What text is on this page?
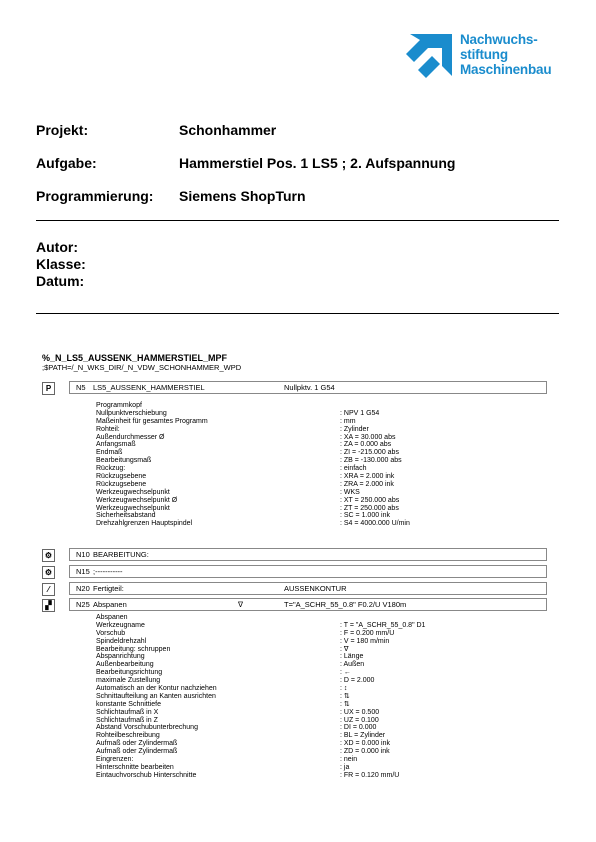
Nachwuchs-
stiftung
Maschinenbau
Projekt:	Schonhammer
Aufgabe:	Hammerstiel Pos. 1 LS5 ; 2. Aufspannung
Programmierung: Siemens ShopTurn
Autor:
Klasse:
Datum:
%_N_LS5_AUSSENK_HAMMERSTIEL_MPF
;$PATH=/_N_WKS_DIR/_N_VDW_SCHONHAMMER_WPD
P	N5 LS5_AUSSENK_HAMMERSTIEL	Nullpktv. 1 G54
Programmkopf
Nullpunktverschiebung	: NPV 1 G54
Maßeinheit für gesamtes Programm	: mm
Rohteil:	: Zylinder
Außendurchmesser Ø	: XA = 30.000 abs
Anfangsmaß	: ZA = 0.000 abs
Endmaß	: ZI = -215.000 abs
Bearbeitungsmaß	: ZB = -130.000 abs
Rückzug:	: einfach
Rückzugsebene	: XRA = 2.000 ink
Rückzugsebene	: ZRA = 2.000 ink
Werkzeugwechselpunkt	: WKS
Werkzeugwechselpunkt Ø	: XT = 250.000 abs
Werkzeugwechselpunkt	: ZT = 250.000 abs
Sicherheitsabstand	: SC = 1.000 ink
Drehzahlgrenzen Hauptspindel	: S4 = 4000.000 U/min
⚙	N10 BEARBEITUNG:
⚙	N15 ;-----------
⁄	N20 Fertigteil:	AUSSENKONTUR
▞	N25 Abspanen	∇	T="A_SCHR_55_0.8" F0.2/U V180m
Abspanen
Werkzeugname	: T = "A_SCHR_55_0.8" D1
Vorschub	: F = 0.200 mm/U
Spindeldrehzahl	: V = 180 m/min
Bearbeitung: schruppen	: ∇
Abspanrichtung	: Länge
Außenbearbeitung	: Außen
Bearbeitungsrichtung	: ←
maximale Zustellung	: D = 2.000
Automatisch an der Kontur nachziehen	: ↕
Schnittaufteilung an Kanten ausrichten	: ⇅
konstante Schnittiefe	: ⇅
Schlichtaufmaß in X	: UX = 0.500
Schlichtaufmaß in Z	: UZ = 0.100
Abstand Vorschubunterbrechung	: DI = 0.000
Rohteilbeschreibung	: BL = Zylinder
Aufmaß oder Zylindermaß	: XD = 0.000 ink
Aufmaß oder Zylindermaß	: ZD = 0.000 ink
Eingrenzen:	: nein
Hinterschnitte bearbeiten	: ja
Eintauchvorschub Hinterschnitte	: FR = 0.120 mm/U
